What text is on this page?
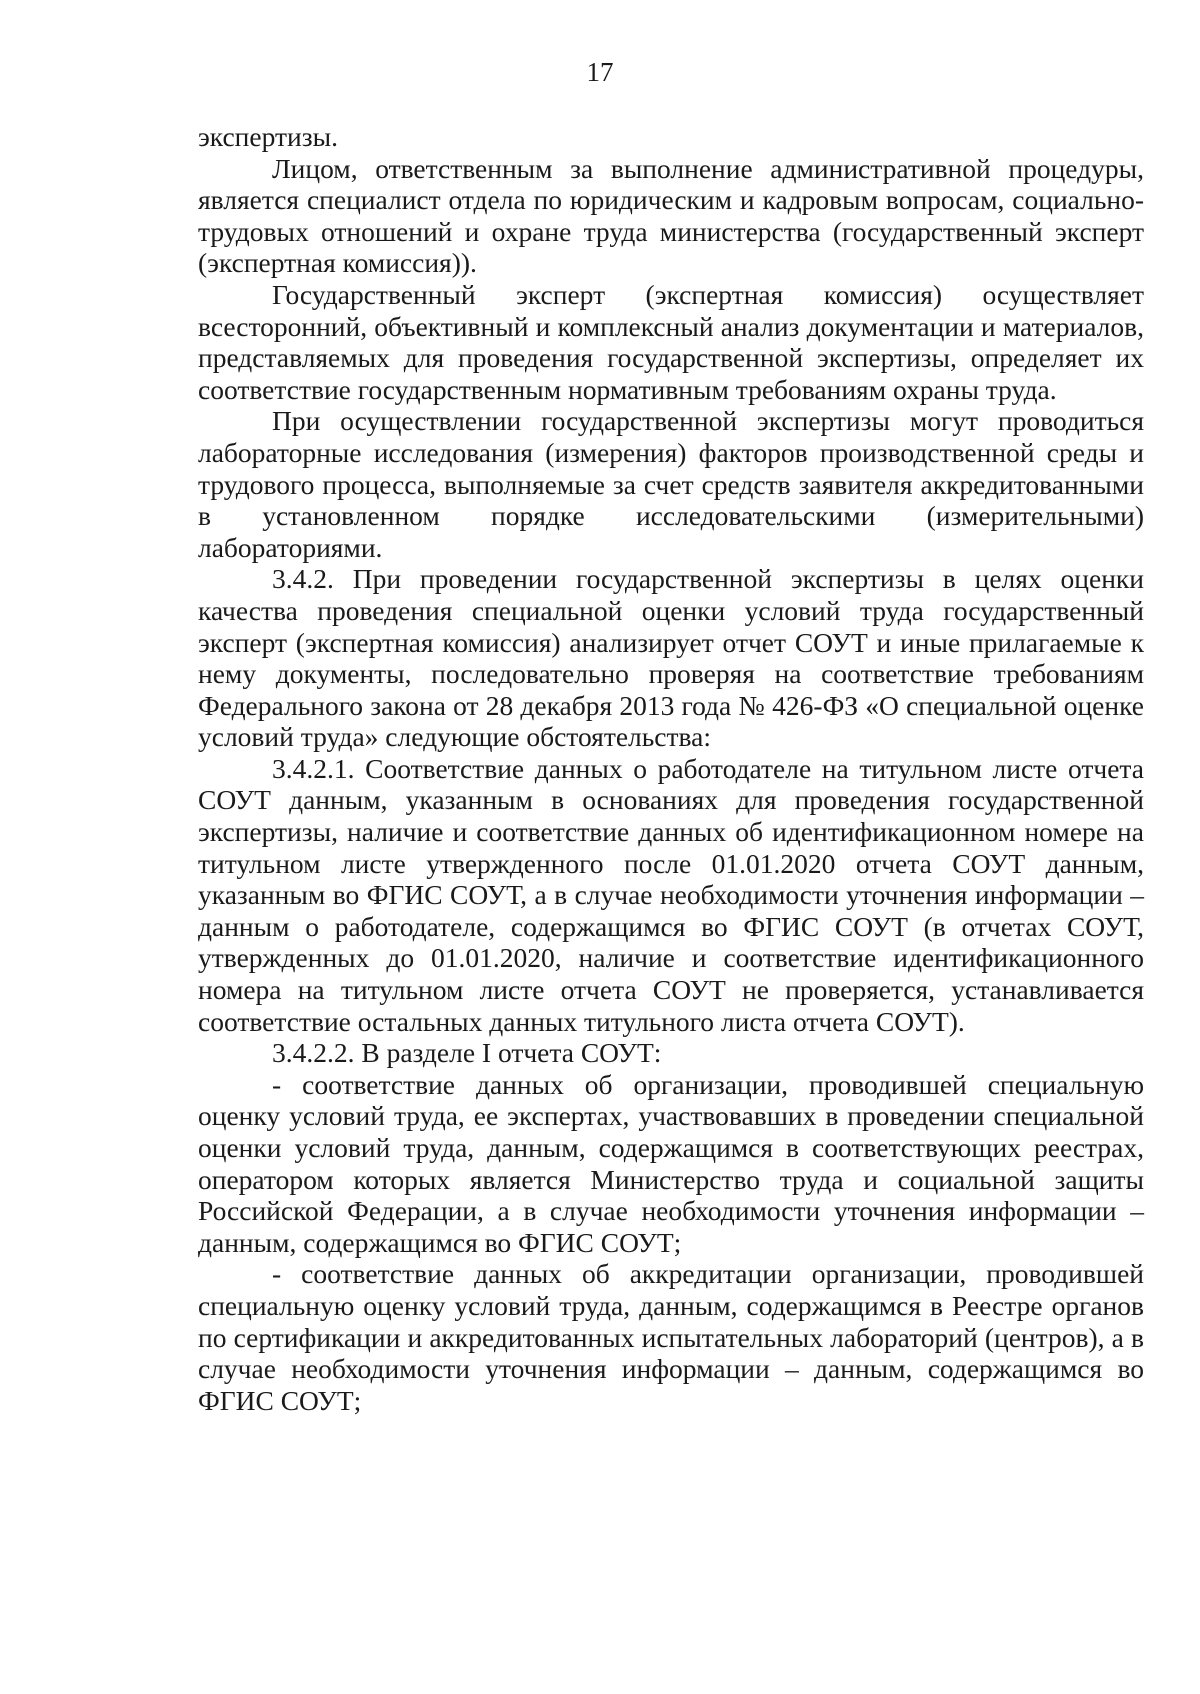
17

экспертизы.

Лицом, ответственным за выполнение административной процедуры, является специалист отдела по юридическим и кадровым вопросам, социально-трудовых отношений и охране труда министерства (государственный эксперт (экспертная комиссия)).

Государственный эксперт (экспертная комиссия) осуществляет всесторонний, объективный и комплексный анализ документации и материалов, представляемых для проведения государственной экспертизы, определяет их соответствие государственным нормативным требованиям охраны труда.

При осуществлении государственной экспертизы могут проводиться лабораторные исследования (измерения) факторов производственной среды и трудового процесса, выполняемые за счет средств заявителя аккредитованными в установленном порядке исследовательскими (измерительными) лабораториями.

3.4.2. При проведении государственной экспертизы в целях оценки качества проведения специальной оценки условий труда государственный эксперт (экспертная комиссия) анализирует отчет СОУТ и иные прилагаемые к нему документы, последовательно проверяя на соответствие требованиям Федерального закона от 28 декабря 2013 года № 426-ФЗ «О специальной оценке условий труда» следующие обстоятельства:

3.4.2.1. Соответствие данных о работодателе на титульном листе отчета СОУТ данным, указанным в основаниях для проведения государственной экспертизы, наличие и соответствие данных об идентификационном номере на титульном листе утвержденного после 01.01.2020 отчета СОУТ данным, указанным во ФГИС СОУТ, а в случае необходимости уточнения информации – данным о работодателе, содержащимся во ФГИС СОУТ (в отчетах СОУТ, утвержденных до 01.01.2020, наличие и соответствие идентификационного номера на титульном листе отчета СОУТ не проверяется, устанавливается соответствие остальных данных титульного листа отчета СОУТ).

3.4.2.2. В разделе I отчета СОУТ:

- соответствие данных об организации, проводившей специальную оценку условий труда, ее экспертах, участвовавших в проведении специальной оценки условий труда, данным, содержащимся в соответствующих реестрах, оператором которых является Министерство труда и социальной защиты Российской Федерации, а в случае необходимости уточнения информации – данным, содержащимся во ФГИС СОУТ;

- соответствие данных об аккредитации организации, проводившей специальную оценку условий труда, данным, содержащимся в Реестре органов по сертификации и аккредитованных испытательных лабораторий (центров), а в случае необходимости уточнения информации – данным, содержащимся во ФГИС СОУТ;
